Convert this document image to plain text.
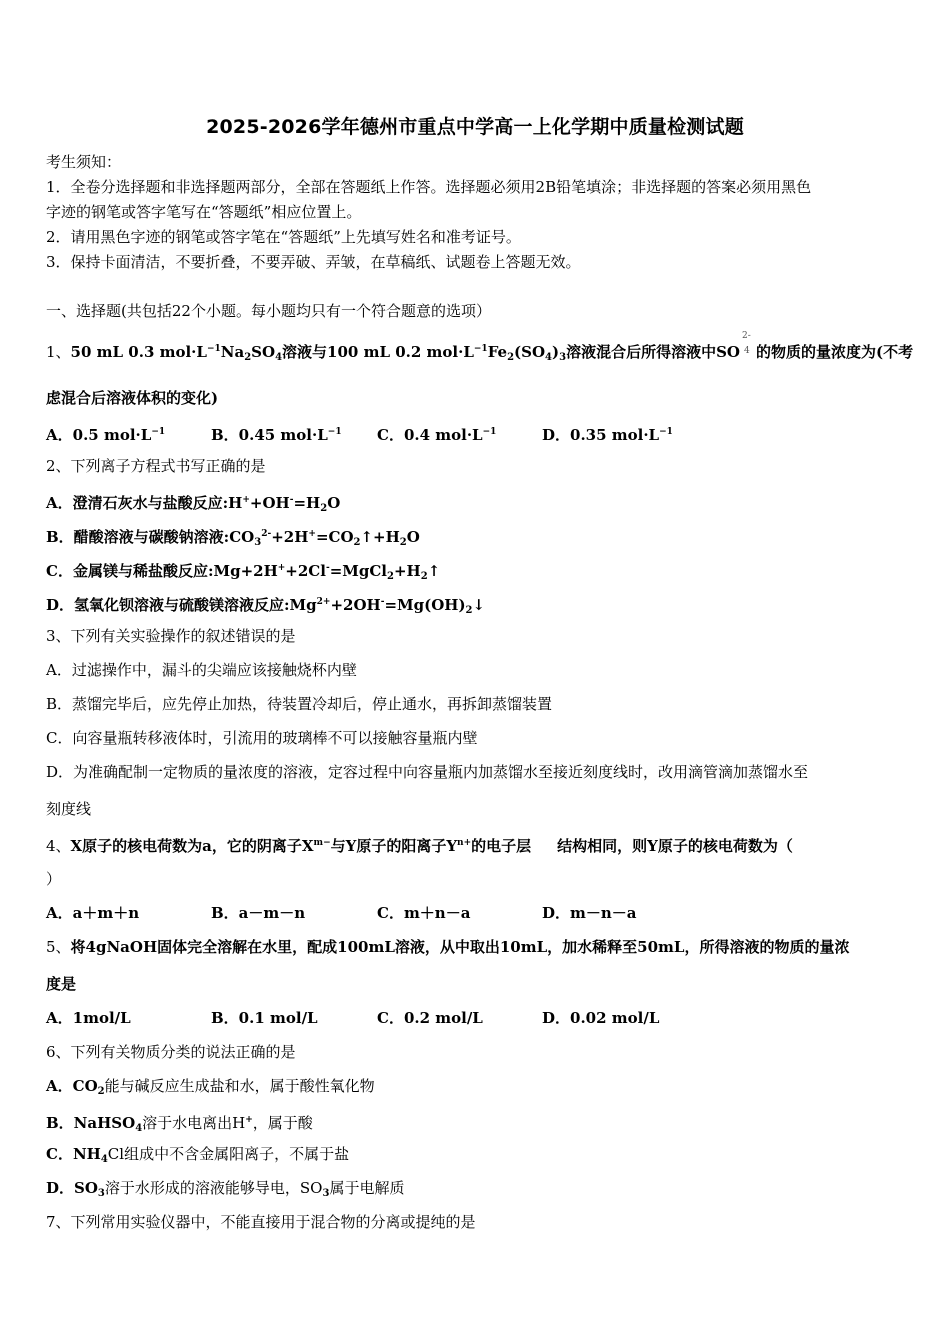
2025-2026学年德州市重点中学高一上化学期中质量检测试题
考生须知：
1．全卷分选择题和非选择题两部分，全部在答题纸上作答。选择题必须用2B铅笔填涂；非选择题的答案必须用黑色
字迹的钢笔或答字笔写在“答题纸”相应位置上。
2．请用黑色字迹的钢笔或答字笔在“答题纸”上先填写姓名和准考证号。
3．保持卡面清洁，不要折叠，不要弄破、弄皱，在草稿纸、试题卷上答题无效。
一、选择题(共包括22个小题。每小题均只有一个符合题意的选项）
1、50 mL 0.3 $mol\cdot L^{-1}Na_2SO_4$溶液与100 mL 0.2 $mol\cdot L^{-1}Fe_2(SO_4)_3$溶液混合后所得溶液中SO
2-
4 的物质的量浓度为(不考
虑混合后溶液体积的变化)
A．0.5 $mol\cdot L^{-1}$	B．0.45 $mol\cdot L^{-1}$ C．0.4 $mol\cdot L^{-1}$	D．0.35 $mol\cdot L^{-1}$
2、下列离子方程式书写正确的是
A．澄清石灰水与盐酸反应$:H^++OH^-=H_2O$
B．醋酸溶液与碳酸钠溶液$:CO_3^{2-}+2H^+=CO_2↑+H_2O$
C．金属镁与稀盐酸反应$:Mg+2H^++2Cl^-=MgCl_2+H_2↑$
D．氢氧化钡溶液与硫酸镁溶液反应$:Mg^{2+}+2OH^-=Mg(OH)_2↓$
3、下列有关实验操作的叙述错误的是
A．过滤操作中，漏斗的尖端应该接触烧杯内壁
B．蒸馏完毕后，应先停止加热，待装置冷却后，停止通水，再拆卸蒸馏装置
C．向容量瓶转移液体时，引流用的玻璃棒不可以接触容量瓶内壁
D．为准确配制一定物质的量浓度的溶液，定容过程中向容量瓶内加蒸馏水至接近刻度线时，改用滴管滴加蒸馏水至
刻度线
4、X原子的核电荷数为a，它的阴离子$X^{m-}$与Y原子的阳离子$Y^{n+}$的电子层 结构相同，则Y原子的核电荷数为（
）
A．a＋m＋n	B．a－m－n	C．m＋n－a	D．m－n－a
5、将4gNaOH固体完全溶解在水里，配成100mL溶液，从中取出10mL，加水稀释至50mL，所得溶液的物质的量浓
度是
A．1mol/L	B．0.1 mol/L	C．0.2 mol/L	D．0.02 mol/L
6、下列有关物质分类的说法正确的是
A．$CO_2$能与碱反应生成盐和水，属于酸性氧化物
B．NaHSO$_4$溶于水电离出H+，属于酸
C．$NH_4Cl$组成中不含金属阳离子，不属于盐
D．$SO_3$溶于水形成的溶液能够导电，$SO_3$属于电解质
7、下列常用实验仪器中，不能直接用于混合物的分离或提纯的是
